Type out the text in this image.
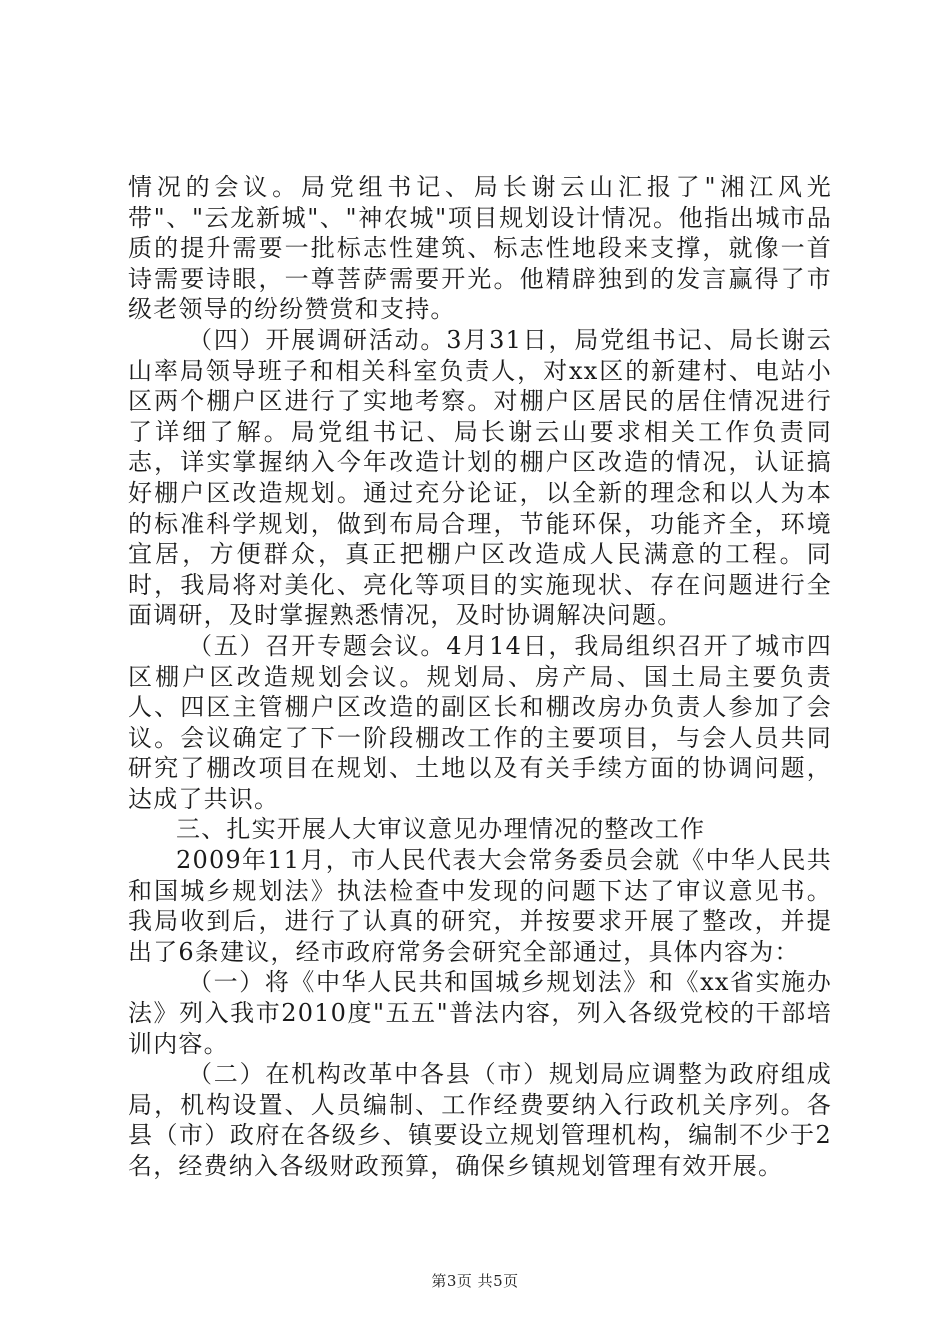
情况的会议。局党组书记、局长谢云山汇报了"湘江风光带"、"云龙新城"、"神农城"项目规划设计情况。他指出城市品质的提升需要一批标志性建筑、标志性地段来支撑，就像一首诗需要诗眼，一尊菩萨需要开光。他精辟独到的发言赢得了市级老领导的纷纷赞赏和支持。

（四）开展调研活动。3月31日，局党组书记、局长谢云山率局领导班子和相关科室负责人，对xx区的新建村、电站小区两个棚户区进行了实地考察。对棚户区居民的居住情况进行了详细了解。局党组书记、局长谢云山要求相关工作负责同志，详实掌握纳入今年改造计划的棚户区改造的情况，认证搞好棚户区改造规划。通过充分论证，以全新的理念和以人为本的标准科学规划，做到布局合理，节能环保，功能齐全，环境宜居，方便群众，真正把棚户区改造成人民满意的工程。同时，我局将对美化、亮化等项目的实施现状、存在问题进行全面调研，及时掌握熟悉情况，及时协调解决问题。

（五）召开专题会议。4月14日，我局组织召开了城市四区棚户区改造规划会议。规划局、房产局、国土局主要负责人、四区主管棚户区改造的副区长和棚改房办负责人参加了会议。会议确定了下一阶段棚改工作的主要项目，与会人员共同研究了棚改项目在规划、土地以及有关手续方面的协调问题，达成了共识。

三、扎实开展人大审议意见办理情况的整改工作

2009年11月，市人民代表大会常务委员会就《中华人民共和国城乡规划法》执法检查中发现的问题下达了审议意见书。我局收到后，进行了认真的研究，并按要求开展了整改，并提出了6条建议，经市政府常务会研究全部通过，具体内容为：

（一）将《中华人民共和国城乡规划法》和《xx省实施办法》列入我市2010度"五五"普法内容，列入各级党校的干部培训内容。

（二）在机构改革中各县（市）规划局应调整为政府组成局，机构设置、人员编制、工作经费要纳入行政机关序列。各县（市）政府在各级乡、镇要设立规划管理机构，编制不少于2名，经费纳入各级财政预算，确保乡镇规划管理有效开展。

第3页 共5页
